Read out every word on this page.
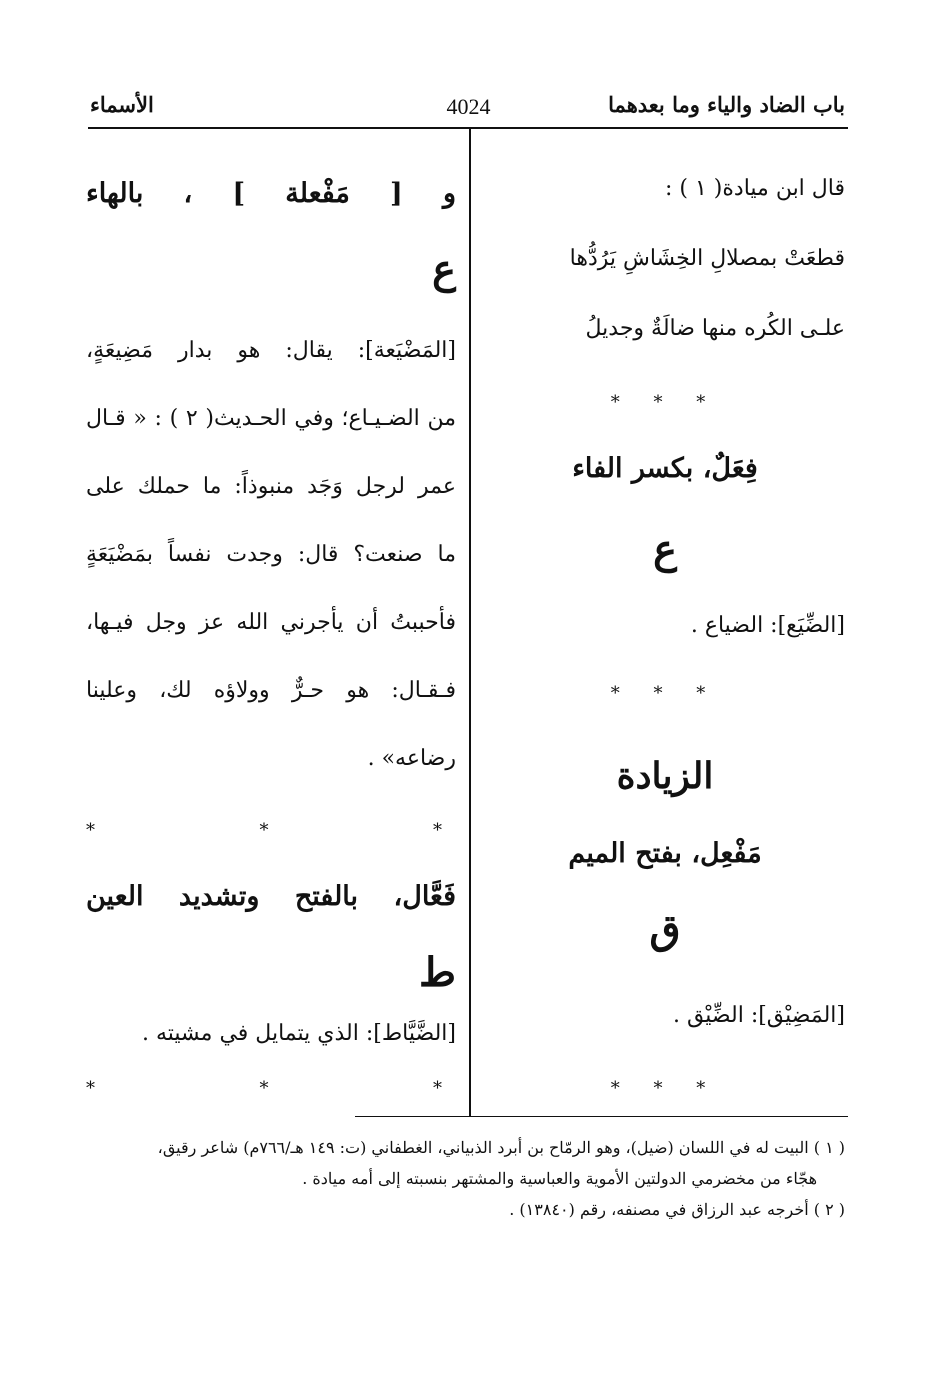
باب الضاد والياء وما بعدهما
4024
الأسماء
قال ابن ميادة( ١ ) :
قطعَتْ بمصلالِ الخِشَاشِ يَرُدُّها
علـى الكُره منها ضالَةٌ وجديلُ
* * *
فِعَلٌ، بكسر الفاء
ع
[الضِّيَع]: الضياع .
* * *
الزيادة
مَفْعِل، بفتح الميم
ق
[المَضِيْق]: الضِّيْق .
* * *
و [ مَفْعلة ] ، بالهاء
ع
[المَضْيَعة]: يقال: هو بدار مَضِيعَةٍ،
من الضـيـاع؛ وفي الحـديث( ٢ ) : « قـال
عمر لرجل وَجَد منبوذاً: ما حملك على
ما صنعت؟ قال: وجدت نفساً بمَضْيَعَةٍ
فأحببتُ أن يأجرني الله عز وجل فيـها،
فـقـال: هو حـرٌّ وولاؤه لك، وعلينا
رضاعه» .
* * *
فَعَّال، بالفتح وتشديد العين
ط
[الضَّيَّاط]: الذي يتمايل في مشيته .
* * *
( ١ ) البيت له في اللسان (ضيل)، وهو الرمّاح بن أبرد الذبياني، الغطفاني (ت: ١٤٩ هـ/٧٦٦م) شاعر رقيق،
هجّاء من مخضرمي الدولتين الأموية والعباسية والمشتهر بنسبته إلى أمه ميادة .
( ٢ ) أخرجه عبد الرزاق في مصنفه، رقم (١٣٨٤٠) .
